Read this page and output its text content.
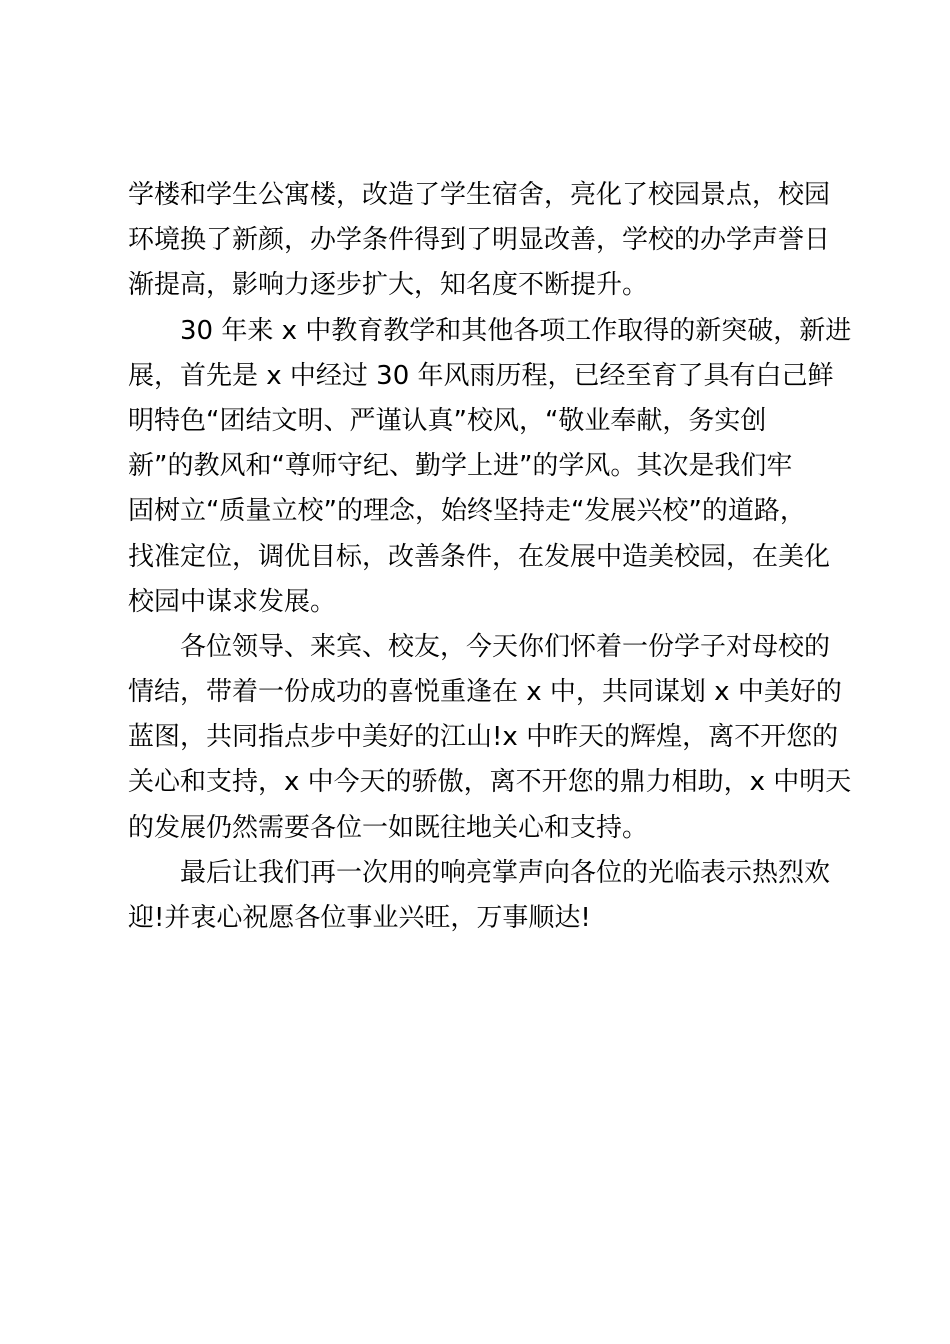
学楼和学生公寓楼，改造了学生宿舍，亮化了校园景点，校园
环境换了新颜，办学条件得到了明显改善，学校的办学声誉日
渐提高，影响力逐步扩大，知名度不断提升。
30 年来 x 中教育教学和其他各项工作取得的新突破，新进
展，首先是 x 中经过 30 年风雨历程，已经至育了具有白己鲜
明特色“团结文明、严谨认真”校风，“敬业奉献，务实创
新”的教风和“尊师守纪、勤学上进”的学风。其次是我们牢
固树立“质量立校”的理念，始终坚持走“发展兴校”的道路，
找准定位，调优目标，改善条件，在发展中造美校园，在美化
校园中谋求发展。
各位领导、来宾、校友，今天你们怀着一份学子对母校的
情结，带着一份成功的喜悦重逢在 x 中，共同谋划 x 中美好的
蓝图，共同指点步中美好的江山!x 中昨天的辉煌，离不开您的
关心和支持，x 中今天的骄傲，离不开您的鼎力相助，x 中明天
的发展仍然需要各位一如既往地关心和支持。
最后让我们再一次用的响亮掌声向各位的光临表示热烈欢
迎!并衷心祝愿各位事业兴旺，万事顺达!
